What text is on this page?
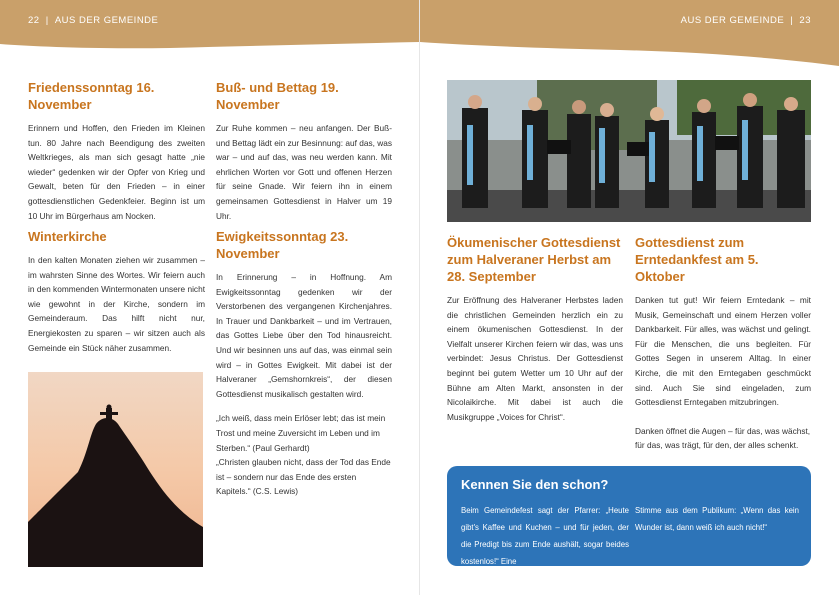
22 | AUS DER GEMEINDE	AUS DER GEMEINDE | 23
Friedenssonntag 16. November

Erinnern und Hoffen, den Frieden im Kleinen tun. 80 Jahre nach Beendigung des zweiten Weltkrieges, als man sich gesagt hatte „nie wieder“ gedenken wir der Opfer von Krieg und Gewalt, beten für den Frieden – in einer gottesdienstlichen Gedenkfeier. Beginn ist um 10 Uhr im Bürgerhaus am Nocken.

Winterkirche

In den kalten Monaten ziehen wir zusammen – im wahrsten Sinne des Wortes. Wir feiern auch in den kommenden Wintermonaten unsere nicht wie gewohnt in der Kirche, sondern im Gemeinderaum. Das hilft nicht nur, Energiekosten zu sparen – wir sitzen auch als Gemeinde ein Stück näher zusammen.

Buß- und Bettag 19. November

Zur Ruhe kommen – neu anfangen. Der Buß- und Bettag lädt ein zur Besinnung: auf das, was war – und auf das, was neu werden kann. Mit ehrlichen Worten vor Gott und offenen Herzen für seine Gnade. Wir feiern ihn in einem gemeinsamen Gottesdienst in Halver um 19 Uhr.

Ewigkeitssonntag 23. November

In Erinnerung – in Hoffnung. Am Ewigkeitssonntag gedenken wir der Verstorbenen des vergangenen Kirchenjahres. In Trauer und Dankbarkeit – und im Vertrauen, das Gottes Liebe über den Tod hinausreicht. Und wir besinnen uns auf das, was einmal sein wird – in Gottes Ewigkeit. Mit dabei ist der Halveraner „Gemshornkreis“, der diesen Gottesdienst musikalisch gestalten wird.

„Ich weiß, dass mein Erlöser lebt; das ist mein Trost und meine Zuversicht im Leben und im Sterben.“ (Paul Gerhardt)

„Christen glauben nicht, dass der Tod das Ende ist – sondern nur das Ende des ersten Kapitels.“ (C.S. Lewis)

Ökumenischer Gottesdienst zum Halveraner Herbst am 28. September

Zur Eröffnung des Halveraner Herbstes laden die christlichen Gemeinden herzlich ein zu einem ökumenischen Gottesdienst. In der Vielfalt unserer Kirchen feiern wir das, was uns verbindet: Jesus Christus. Der Gottesdienst beginnt bei gutem Wetter um 10 Uhr auf der Bühne am Alten Markt, ansonsten in der Nicolaikirche. Mit dabei ist auch die Musikgruppe „Voices for Christ“.

Gottesdienst zum Erntedankfest am 5. Oktober

Danken tut gut! Wir feiern Erntedank – mit Musik, Gemeinschaft und einem Herzen voller Dankbarkeit. Für alles, was wächst und gelingt. Für die Menschen, die uns begleiten. Für Gottes Segen in unserem Alltag. In einer Kirche, die mit den Erntegaben geschmückt sind. Auch Sie sind eingeladen, zum Gottesdienst Erntegaben mitzubringen.

Danken öffnet die Augen – für das, was wächst, für das, was trägt, für den, der alles schenkt.

Kennen Sie den schon?
Beim Gemeindefest sagt der Pfarrer: „Heute gibt's Kaffee und Kuchen – und für jeden, der die Predigt bis zum Ende aushält, sogar beides kostenlos!“ Eine
Stimme aus dem Publikum: „Wenn das kein Wunder ist, dann weiß ich auch nicht!“
